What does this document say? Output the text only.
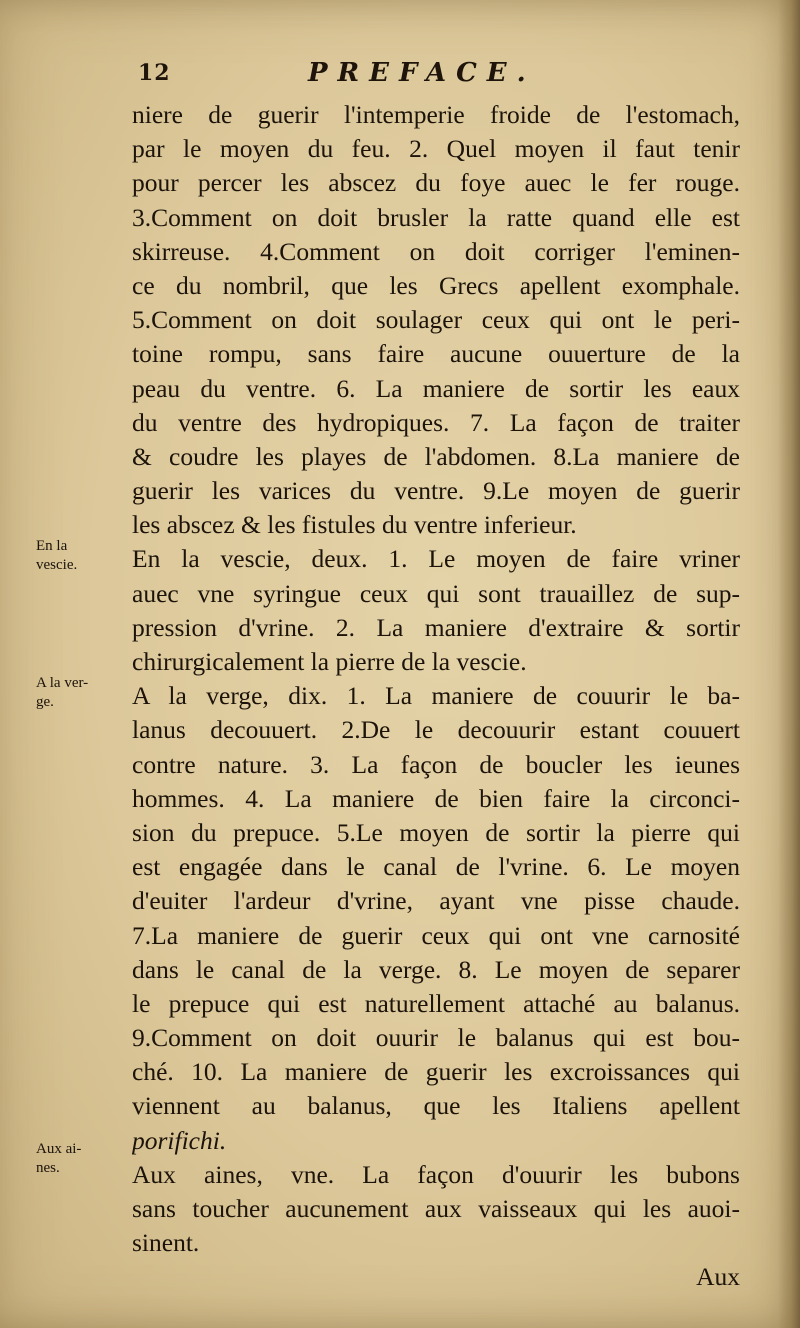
12	PREFACE.
En la
vescie.
A la ver-
ge.
Aux ai-
nes.
niere de guerir l'intemperie froide de l'estomach,
par le moyen du feu. 2. Quel moyen il faut tenir
pour percer les abscez du foye auec le fer rouge.
3.Comment on doit brusler la ratte quand elle est
skirreuse. 4.Comment on doit corriger l'eminen-
ce du nombril, que les Grecs apellent exomphale.
5.Comment on doit soulager ceux qui ont le peri-
toine rompu, sans faire aucune ouuerture de la
peau du ventre. 6. La maniere de sortir les eaux
du ventre des hydropiques. 7. La façon de traiter
& coudre les playes de l'abdomen. 8.La maniere de
guerir les varices du ventre. 9.Le moyen de guerir
les abscez & les fistules du ventre inferieur.
En la vescie, deux. 1. Le moyen de faire vriner
auec vne syringue ceux qui sont trauaillez de sup-
pression d'vrine. 2. La maniere d'extraire & sortir
chirurgicalement la pierre de la vescie.
A la verge, dix. 1. La maniere de couurir le ba-
lanus decouuert. 2.De le decouurir estant couuert
contre nature. 3. La façon de boucler les ieunes
hommes. 4. La maniere de bien faire la circonci-
sion du prepuce. 5.Le moyen de sortir la pierre qui
est engagée dans le canal de l'vrine. 6. Le moyen
d'euiter l'ardeur d'vrine, ayant vne pisse chaude.
7.La maniere de guerir ceux qui ont vne carnosité
dans le canal de la verge. 8. Le moyen de separer
le prepuce qui est naturellement attaché au balanus.
9.Comment on doit ouurir le balanus qui est bou-
ché. 10. La maniere de guerir les excroissances qui
viennent au balanus, que les Italiens apellent
porifichi.
Aux aines, vne. La façon d'ouurir les bubons
sans toucher aucunement aux vaisseaux qui les auoi-
sinent.
Aux
